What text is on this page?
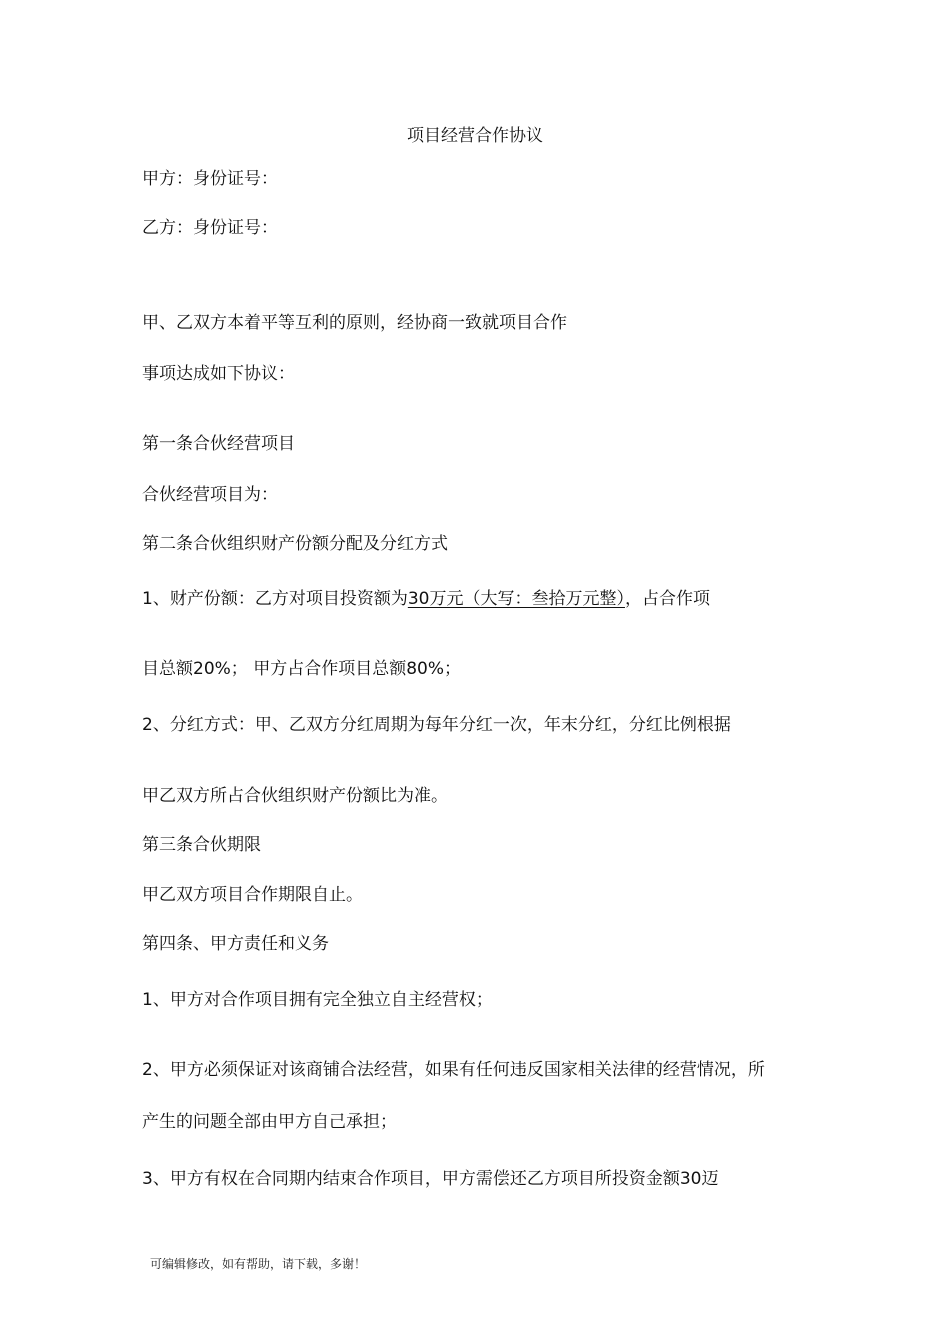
项目经营合作协议
甲方：身份证号：
乙方：身份证号：
甲、乙双方本着平等互利的原则，经协商一致就项目合作
事项达成如下协议：
第一条合伙经营项目
合伙经营项目为：
第二条合伙组织财产份额分配及分红方式
1、财产份额：乙方对项目投资额为30万元（大写：叁拾万元整），占合作项
目总额20%； 甲方占合作项目总额80%；
2、分红方式：甲、乙双方分红周期为每年分红一次，年末分红，分红比例根据
甲乙双方所占合伙组织财产份额比为准。
第三条合伙期限
甲乙双方项目合作期限自止。
第四条、甲方责任和义务
1、甲方对合作项目拥有完全独立自主经营权；
2、甲方必须保证对该商铺合法经营，如果有任何违反国家相关法律的经营情况，所
产生的问题全部由甲方自己承担；
3、甲方有权在合同期内结束合作项目，甲方需偿还乙方项目所投资金额30迈
可编辑修改，如有帮助，请下载，多谢！
